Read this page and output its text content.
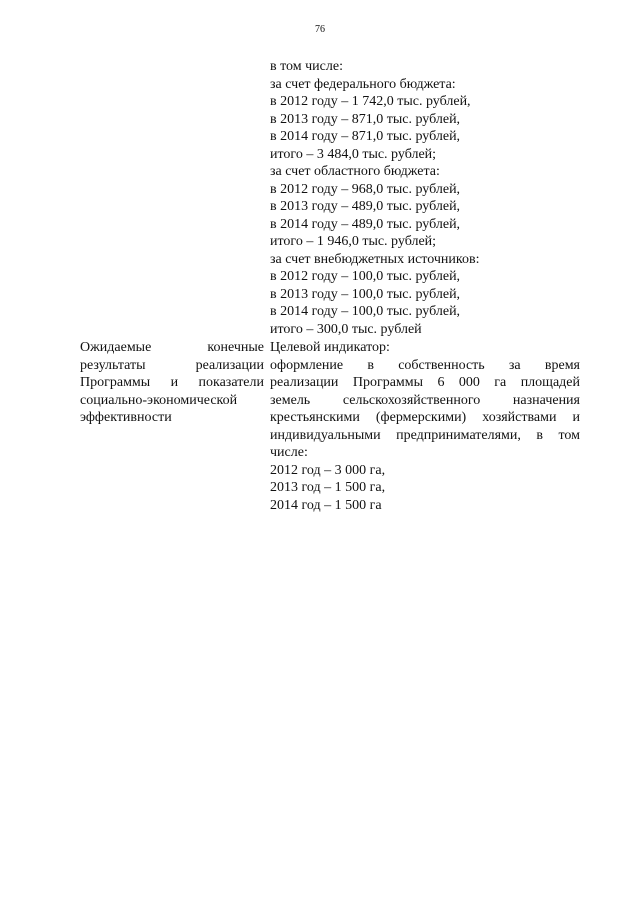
76
в том числе:
за счет федерального бюджета:
в 2012 году – 1 742,0 тыс. рублей,
в 2013 году – 871,0 тыс. рублей,
в 2014 году – 871,0 тыс. рублей,
итого – 3 484,0 тыс. рублей;
за счет областного бюджета:
в 2012 году – 968,0 тыс. рублей,
в 2013 году – 489,0 тыс. рублей,
в 2014 году – 489,0 тыс. рублей,
итого – 1 946,0 тыс. рублей;
за счет внебюджетных источников:
в 2012 году – 100,0 тыс. рублей,
в 2013 году – 100,0 тыс. рублей,
в 2014 году – 100,0 тыс. рублей,
итого – 300,0 тыс. рублей
Ожидаемые конечные
результаты реализации
Программы и показатели
социально-экономической
эффективности
Целевой индикатор:
оформление в собственность за время
реализации Программы 6 000 га площадей
земель сельскохозяйственного назначения
крестьянскими (фермерскими) хозяйствами и
индивидуальными предпринимателями, в том
числе:
2012 год – 3 000 га,
2013 год – 1 500 га,
2014 год – 1 500 га
